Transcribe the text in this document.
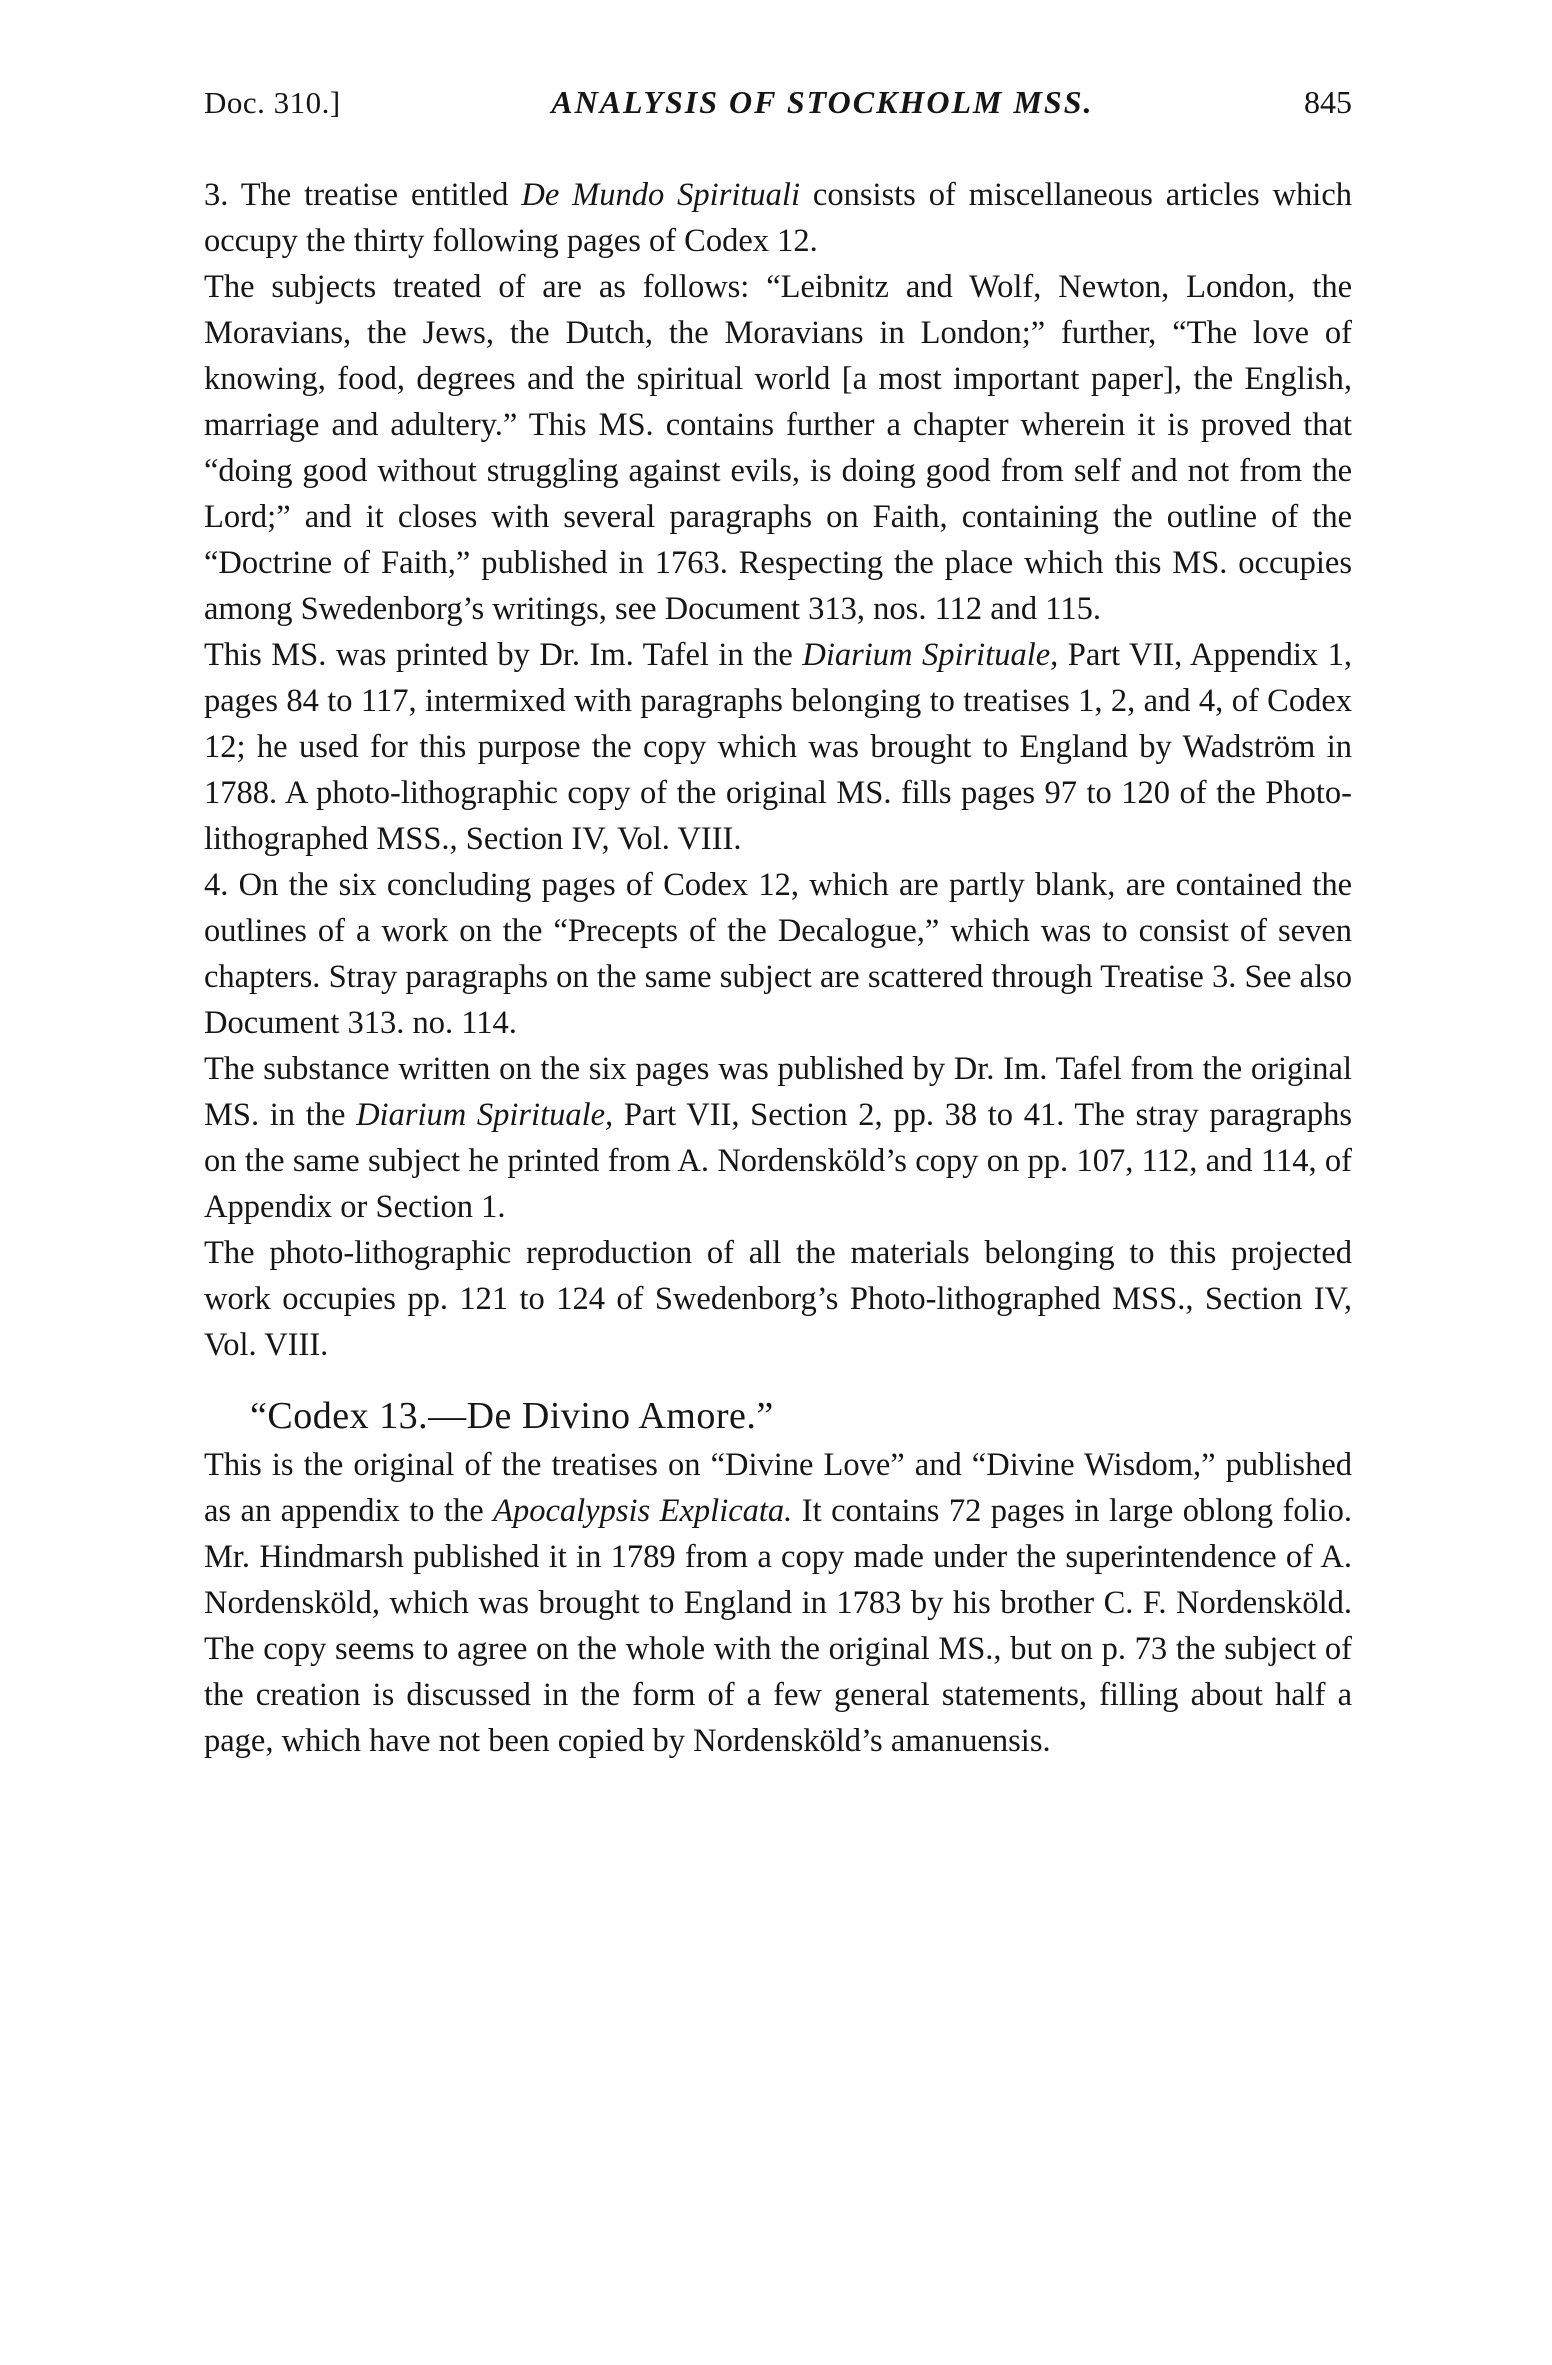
Doc. 310.]	ANALYSIS OF STOCKHOLM MSS.	845

3. The treatise entitled De Mundo Spirituali consists of miscellaneous articles which occupy the thirty following pages of Codex 12.

The subjects treated of are as follows: “Leibnitz and Wolf, Newton, London, the Moravians, the Jews, the Dutch, the Moravians in London;” further, “The love of knowing, food, degrees and the spiritual world [a most important paper], the English, marriage and adultery.” This MS. contains further a chapter wherein it is proved that “doing good without struggling against evils, is doing good from self and not from the Lord;” and it closes with several paragraphs on Faith, containing the outline of the “Doctrine of Faith,” published in 1763. Respecting the place which this MS. occupies among Swedenborg’s writings, see Document 313, nos. 112 and 115.

This MS. was printed by Dr. Im. Tafel in the Diarium Spirituale, Part VII, Appendix 1, pages 84 to 117, intermixed with paragraphs belonging to treatises 1, 2, and 4, of Codex 12; he used for this purpose the copy which was brought to England by Wadström in 1788. A photo-lithographic copy of the original MS. fills pages 97 to 120 of the Photo-lithographed MSS., Section IV, Vol. VIII.

4. On the six concluding pages of Codex 12, which are partly blank, are contained the outlines of a work on the “Precepts of the Decalogue,” which was to consist of seven chapters. Stray paragraphs on the same subject are scattered through Treatise 3. See also Document 313. no. 114.

The substance written on the six pages was published by Dr. Im. Tafel from the original MS. in the Diarium Spirituale, Part VII, Section 2, pp. 38 to 41. The stray paragraphs on the same subject he printed from A. Nordensköld’s copy on pp. 107, 112, and 114, of Appendix or Section 1.

The photo-lithographic reproduction of all the materials belonging to this projected work occupies pp. 121 to 124 of Swedenborg’s Photo-lithographed MSS., Section IV, Vol. VIII.

“Codex 13.—De Divino Amore.”

This is the original of the treatises on “Divine Love” and “Divine Wisdom,” published as an appendix to the Apocalypsis Explicata. It contains 72 pages in large oblong folio. Mr. Hindmarsh published it in 1789 from a copy made under the superintendence of A. Nordensköld, which was brought to England in 1783 by his brother C. F. Nordensköld. The copy seems to agree on the whole with the original MS., but on p. 73 the subject of the creation is discussed in the form of a few general statements, filling about half a page, which have not been copied by Nordensköld’s amanuensis.
